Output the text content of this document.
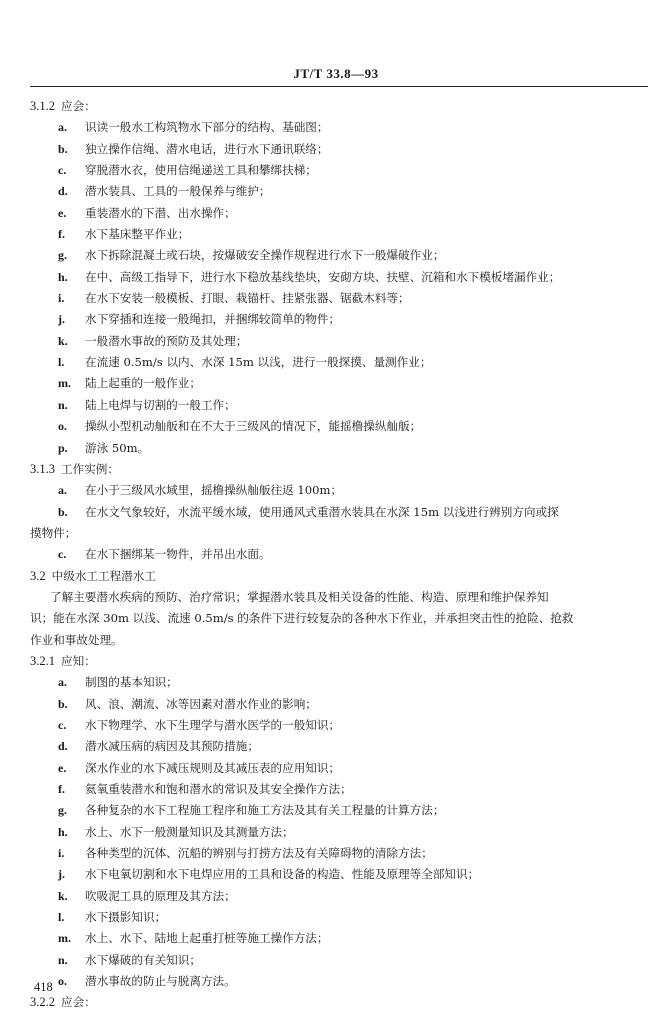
JT/T 33.8—93
3.1.2 应会：
a. 识读一般水工构筑物水下部分的结构、基础图；
b. 独立操作信绳、潜水电话，进行水下通讯联络；
c. 穿脱潜水衣，使用信绳递送工具和攀绑扶梯；
d. 潜水装具、工具的一般保养与维护；
e. 重装潜水的下潜、出水操作；
f. 水下基床整平作业；
g. 水下拆除混凝土或石块，按爆破安全操作规程进行水下一般爆破作业；
h. 在中、高级工指导下，进行水下稳放基线垫块，安砌方块、扶壁、沉箱和水下模板堵漏作业；
i. 在水下安装一般模板、打眼、栽锚杆、挂紧张器、锯截木料等；
j. 水下穿插和连接一般绳扣，并捆绑较简单的物件；
k. 一般潜水事故的预防及其处理；
l. 在流速 0.5m/s 以内、水深 15m 以浅，进行一般探摸、量测作业；
m. 陆上起重的一般作业；
n. 陆上电焊与切割的一般工作；
o. 操纵小型机动舢舨和在不大于三级风的情况下，能摇橹操纵舢舨；
p. 游泳 50m。
3.1.3 工作实例：
a. 在小于三级风水域里，摇橹操纵舢舨往返 100m；
b. 在水文气象较好，水流平缓水域，使用通风式重潜水装具在水深 15m 以浅进行辨别方向或探
摸物件；
c. 在水下捆绑某一物件，并吊出水面。
3.2 中级水工工程潜水工
了解主要潜水疾病的预防、治疗常识；掌握潜水装具及相关设备的性能、构造、原理和维护保养知
识；能在水深 30m 以浅、流速 0.5m/s 的条件下进行较复杂的各种水下作业，并承担突击性的抢险、抢救
作业和事故处理。
3.2.1 应知：
a. 制图的基本知识；
b. 风、浪、潮流、冰等因素对潜水作业的影响；
c. 水下物理学、水下生理学与潜水医学的一般知识；
d. 潜水减压病的病因及其预防措施；
e. 深水作业的水下减压规则及其减压表的应用知识；
f. 氦氧重装潜水和饱和潜水的常识及其安全操作方法；
g. 各种复杂的水下工程施工程序和施工方法及其有关工程量的计算方法；
h. 水上、水下一般测量知识及其测量方法；
i. 各种类型的沉体、沉船的辨别与打捞方法及有关障碍物的清除方法；
j. 水下电氧切割和水下电焊应用的工具和设备的构造、性能及原理等全部知识；
k. 吹吸泥工具的原理及其方法；
l. 水下摄影知识；
m. 水上、水下、陆地上起重打桩等施工操作方法；
n. 水下爆破的有关知识；
o. 潜水事故的防止与脱离方法。
3.2.2 应会：
418
